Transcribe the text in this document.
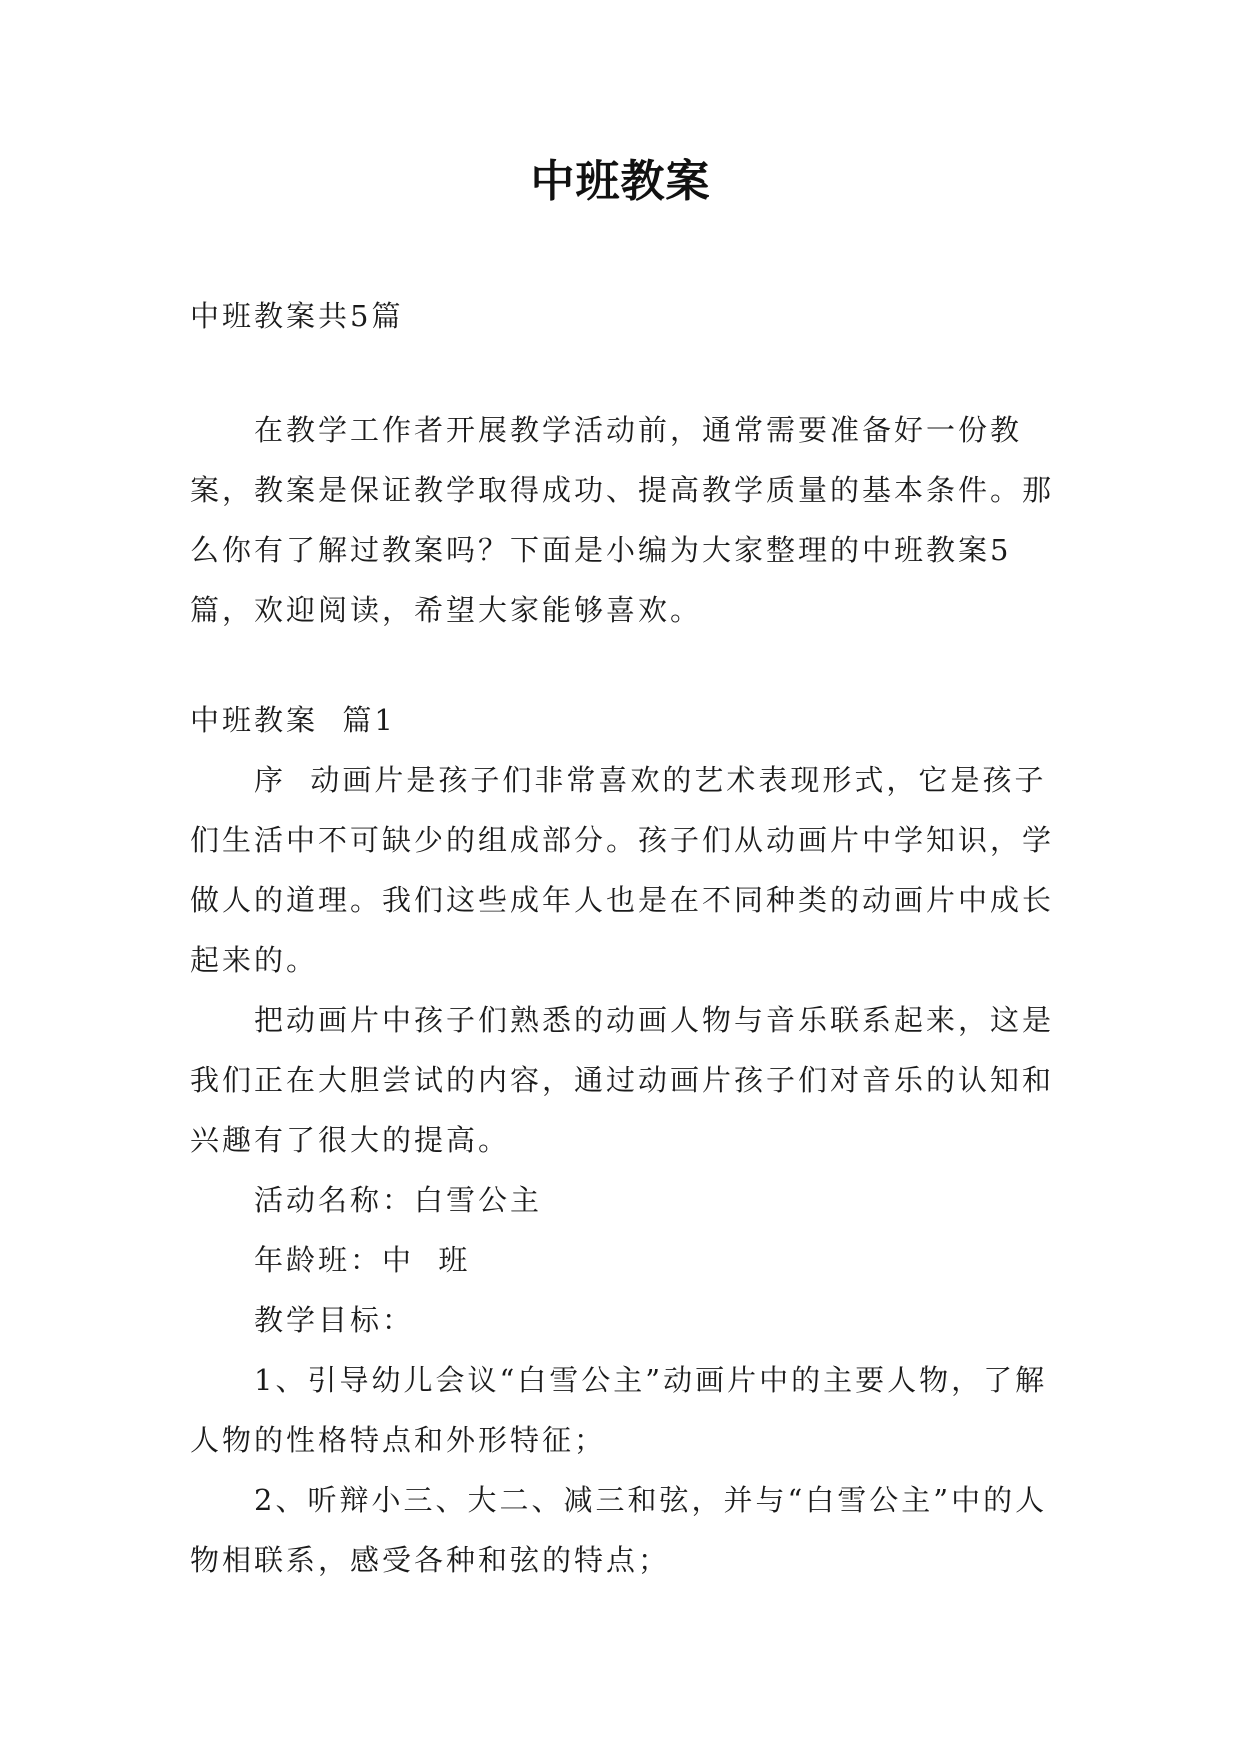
中班教案

中班教案共5篇

在教学工作者开展教学活动前，通常需要准备好一份教案，教案是保证教学取得成功、提高教学质量的基本条件。那么你有了解过教案吗？下面是小编为大家整理的中班教案5篇，欢迎阅读，希望大家能够喜欢。

中班教案  篇1

序  动画片是孩子们非常喜欢的艺术表现形式，它是孩子们生活中不可缺少的组成部分。孩子们从动画片中学知识，学做人的道理。我们这些成年人也是在不同种类的动画片中成长起来的。

把动画片中孩子们熟悉的动画人物与音乐联系起来，这是我们正在大胆尝试的内容，通过动画片孩子们对音乐的认知和兴趣有了很大的提高。

活动名称：白雪公主

年龄班：中  班

教学目标：

1、引导幼儿会议“白雪公主”动画片中的主要人物，了解人物的性格特点和外形特征；

2、听辩小三、大二、减三和弦，并与“白雪公主”中的人物相联系，感受各种和弦的特点；
